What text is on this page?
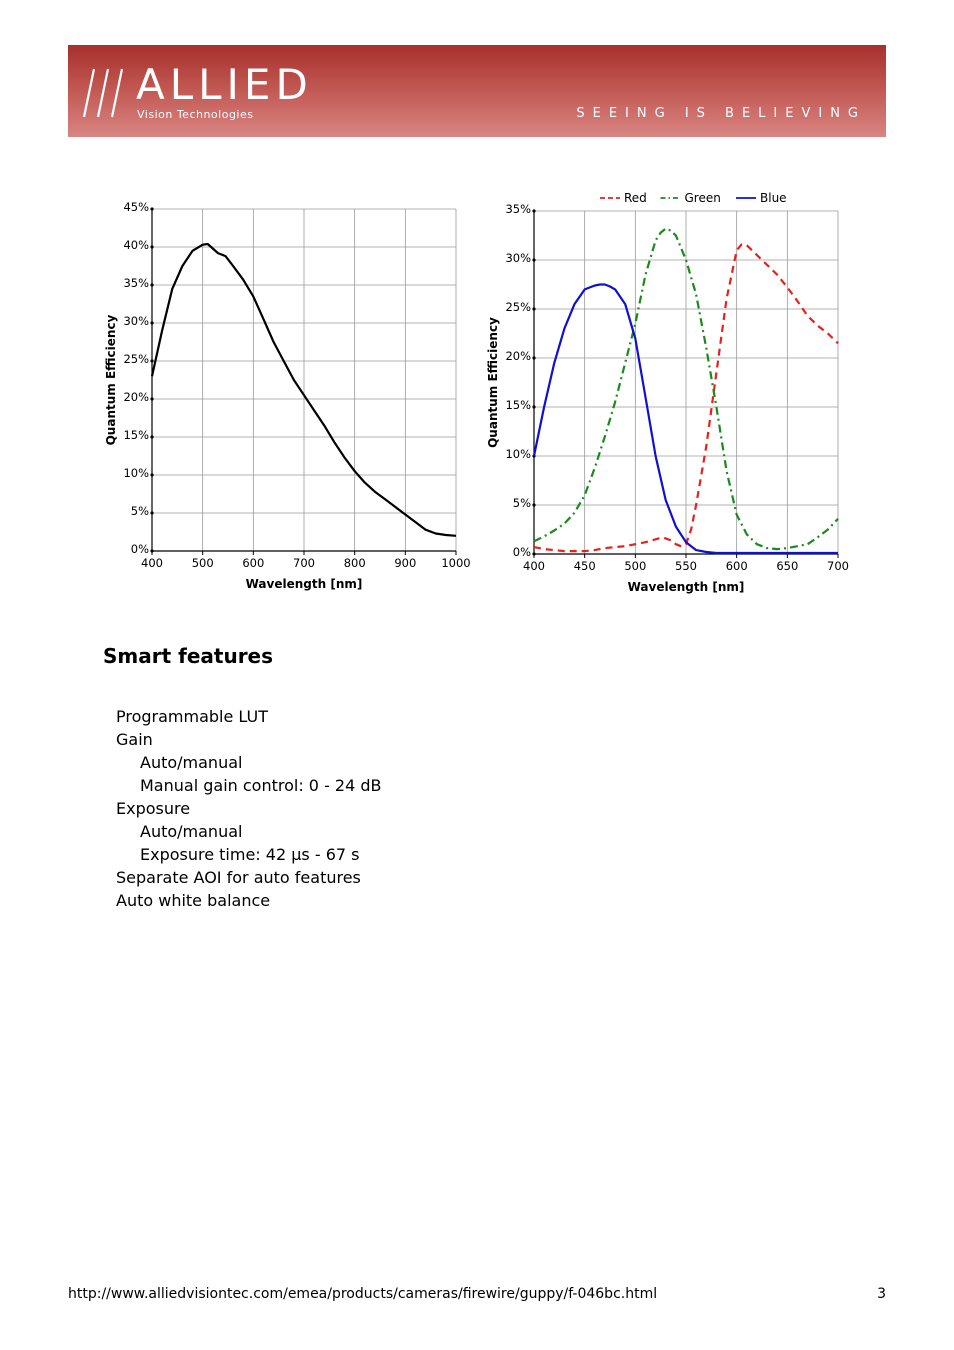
ALLIED
Vision Technologies	SEEING IS BELIEVING
400 500 600 700 800 900 1000
0%
5%
10%
15%
20%
25%
30%
35%
40%
45%
Wavelength [nm]
Quantum Efficiency
400 450 500 550 600 650 700
0%
5%
10%
15%
20%
25%
30%
35%
Wavelength [nm]
Quantum Efficiency
Red	Green	Blue
Smart features
Programmable LUT
Gain
Auto/manual
Manual gain control: 0 - 24 dB
Exposure
Auto/manual
Exposure time: 42 µs - 67 s
Separate AOI for auto features
Auto white balance
http://www.alliedvisiontec.com/emea/products/cameras/firewire/guppy/f-046bc.html	3
